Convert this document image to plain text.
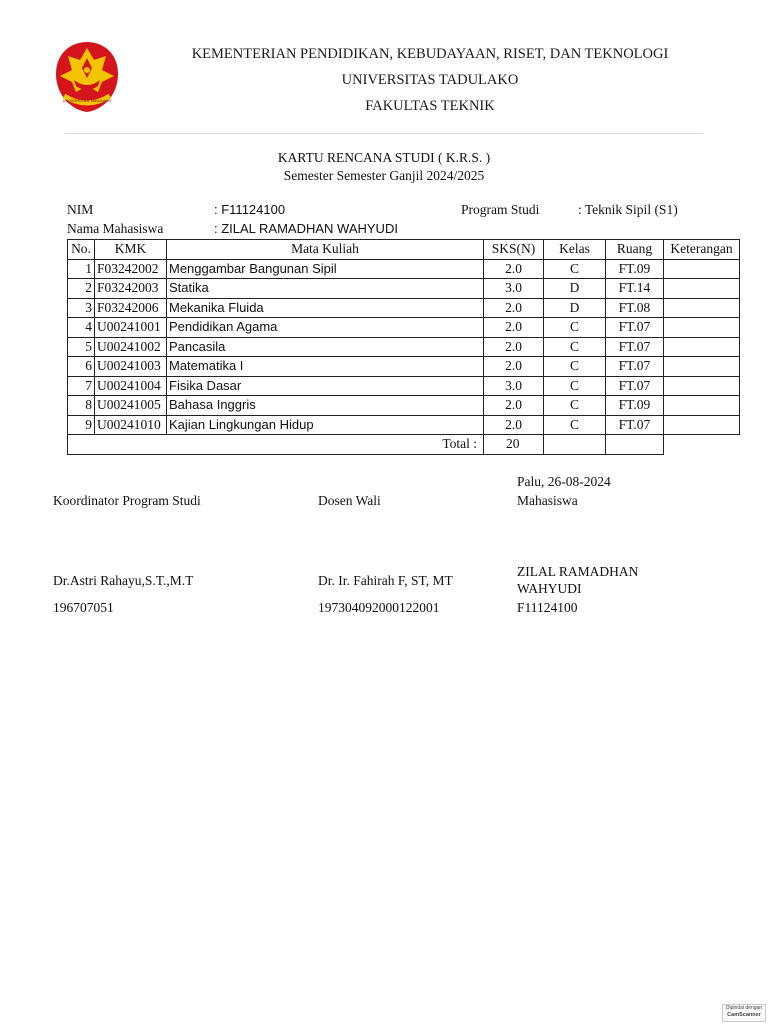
UNIVERSITAS TADULAKO
KEMENTERIAN PENDIDIKAN, KEBUDAYAAN, RISET, DAN TEKNOLOGI
UNIVERSITAS TADULAKO
FAKULTAS TEKNIK
KARTU RENCANA STUDI ( K.R.S. )
Semester Semester Ganjil 2024/2025
NIM	: F11124100	Program Studi	: Teknik Sipil (S1)
Nama Mahasiswa	: ZILAL RAMADHAN WAHYUDI
No.	KMK	Mata Kuliah	SKS(N)	Kelas	Ruang	Keterangan
1	F03242002	Menggambar Bangunan Sipil	2.0	C	FT.09	
2	F03242003	Statika	3.0	D	FT.14	
3	F03242006	Mekanika Fluida	2.0	D	FT.08	
4	U00241001	Pendidikan Agama	2.0	C	FT.07	
5	U00241002	Pancasila	2.0	C	FT.07	
6	U00241003	Matematika I	2.0	C	FT.07	
7	U00241004	Fisika Dasar	3.0	C	FT.07	
8	U00241005	Bahasa Inggris	2.0	C	FT.09	
9	U00241010	Kajian Lingkungan Hidup	2.0	C	FT.07	
Total :			20			
Palu, 26-08-2024
Koordinator Program Studi	Dosen Wali	Mahasiswa
Dr.Astri Rahayu,S.T.,M.T	Dr. Ir. Fahirah F, ST, MT
ZILAL RAMADHAN
WAHYUDI
196707051	197304092000122001	F11124100
Dipindai dengan
CamScanner
